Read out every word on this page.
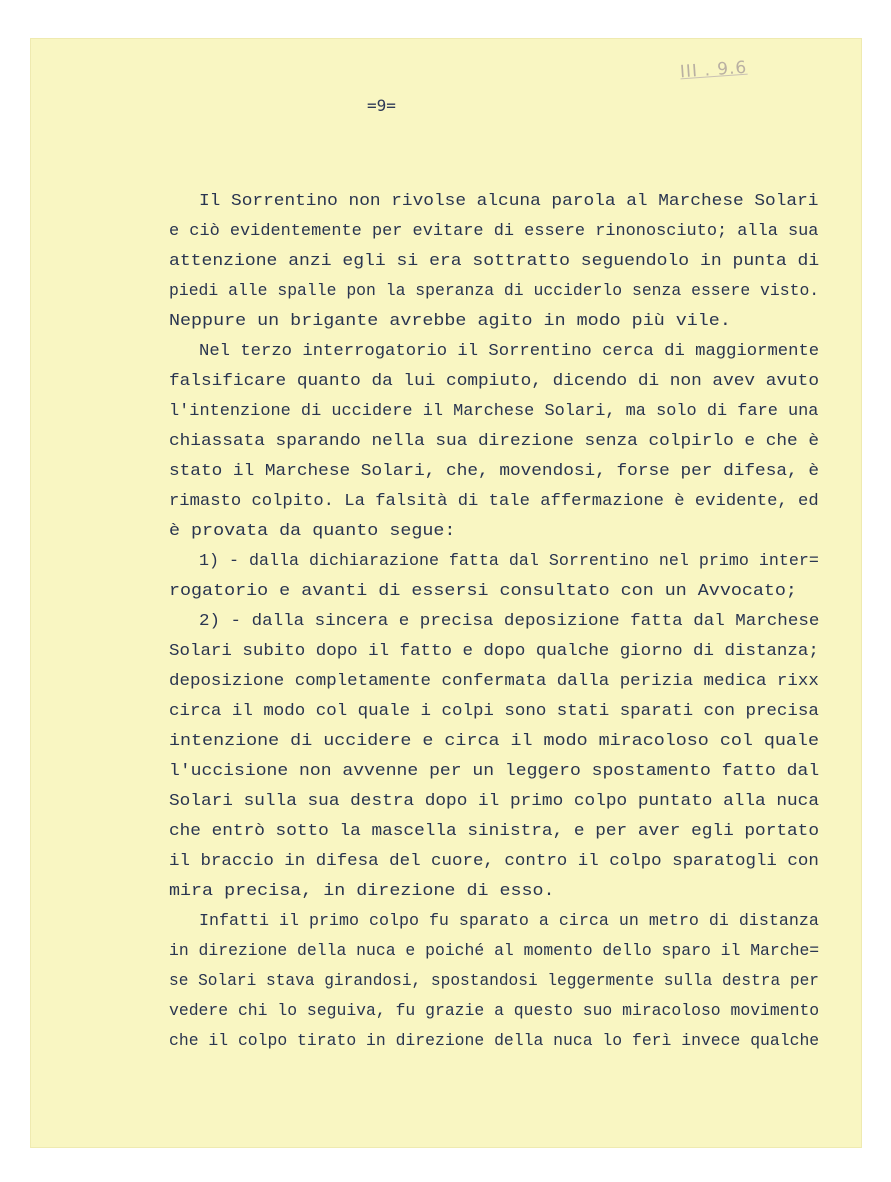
III . 9.6
=9=
Il Sorrentino non rivolse alcuna parola al Marchese Solari
e ciò evidentemente per evitare di essere rinonosciuto; alla sua
attenzione anzi egli si era sottratto seguendolo in punta di
piedi alle spalle pon la speranza di ucciderlo senza essere visto.
Neppure un brigante avrebbe agito in modo più vile.
Nel terzo interrogatorio il Sorrentino cerca di maggiormente
falsificare quanto da lui compiuto, dicendo di non avev avuto
l'intenzione di uccidere il Marchese Solari, ma solo di fare una
chiassata sparando nella sua direzione senza colpirlo e che è
stato il Marchese Solari, che, movendosi, forse per difesa, è
rimasto colpito. La falsità di tale affermazione è evidente, ed
è provata da quanto segue:
1) - dalla dichiarazione fatta dal Sorrentino nel primo inter=
rogatorio e avanti di essersi consultato con un Avvocato;
2) - dalla sincera e precisa deposizione fatta dal Marchese
Solari subito dopo il fatto e dopo qualche giorno di distanza;
deposizione completamente confermata dalla perizia medica rixx
circa il modo col quale i colpi sono stati sparati con precisa
intenzione di uccidere e circa il modo miracoloso col quale
l'uccisione non avvenne per un leggero spostamento fatto dal
Solari sulla sua destra dopo il primo colpo puntato alla nuca
che entrò sotto la mascella sinistra, e per aver egli portato
il braccio in difesa del cuore, contro il colpo sparatogli con
mira precisa, in direzione di esso.
Infatti il primo colpo fu sparato a circa un metro di distanza
in direzione della nuca e poiché al momento dello sparo il Marche=
se Solari stava girandosi, spostandosi leggermente sulla destra per
vedere chi lo seguiva, fu grazie a questo suo miracoloso movimento
che il colpo tirato in direzione della nuca lo ferì invece qualche
